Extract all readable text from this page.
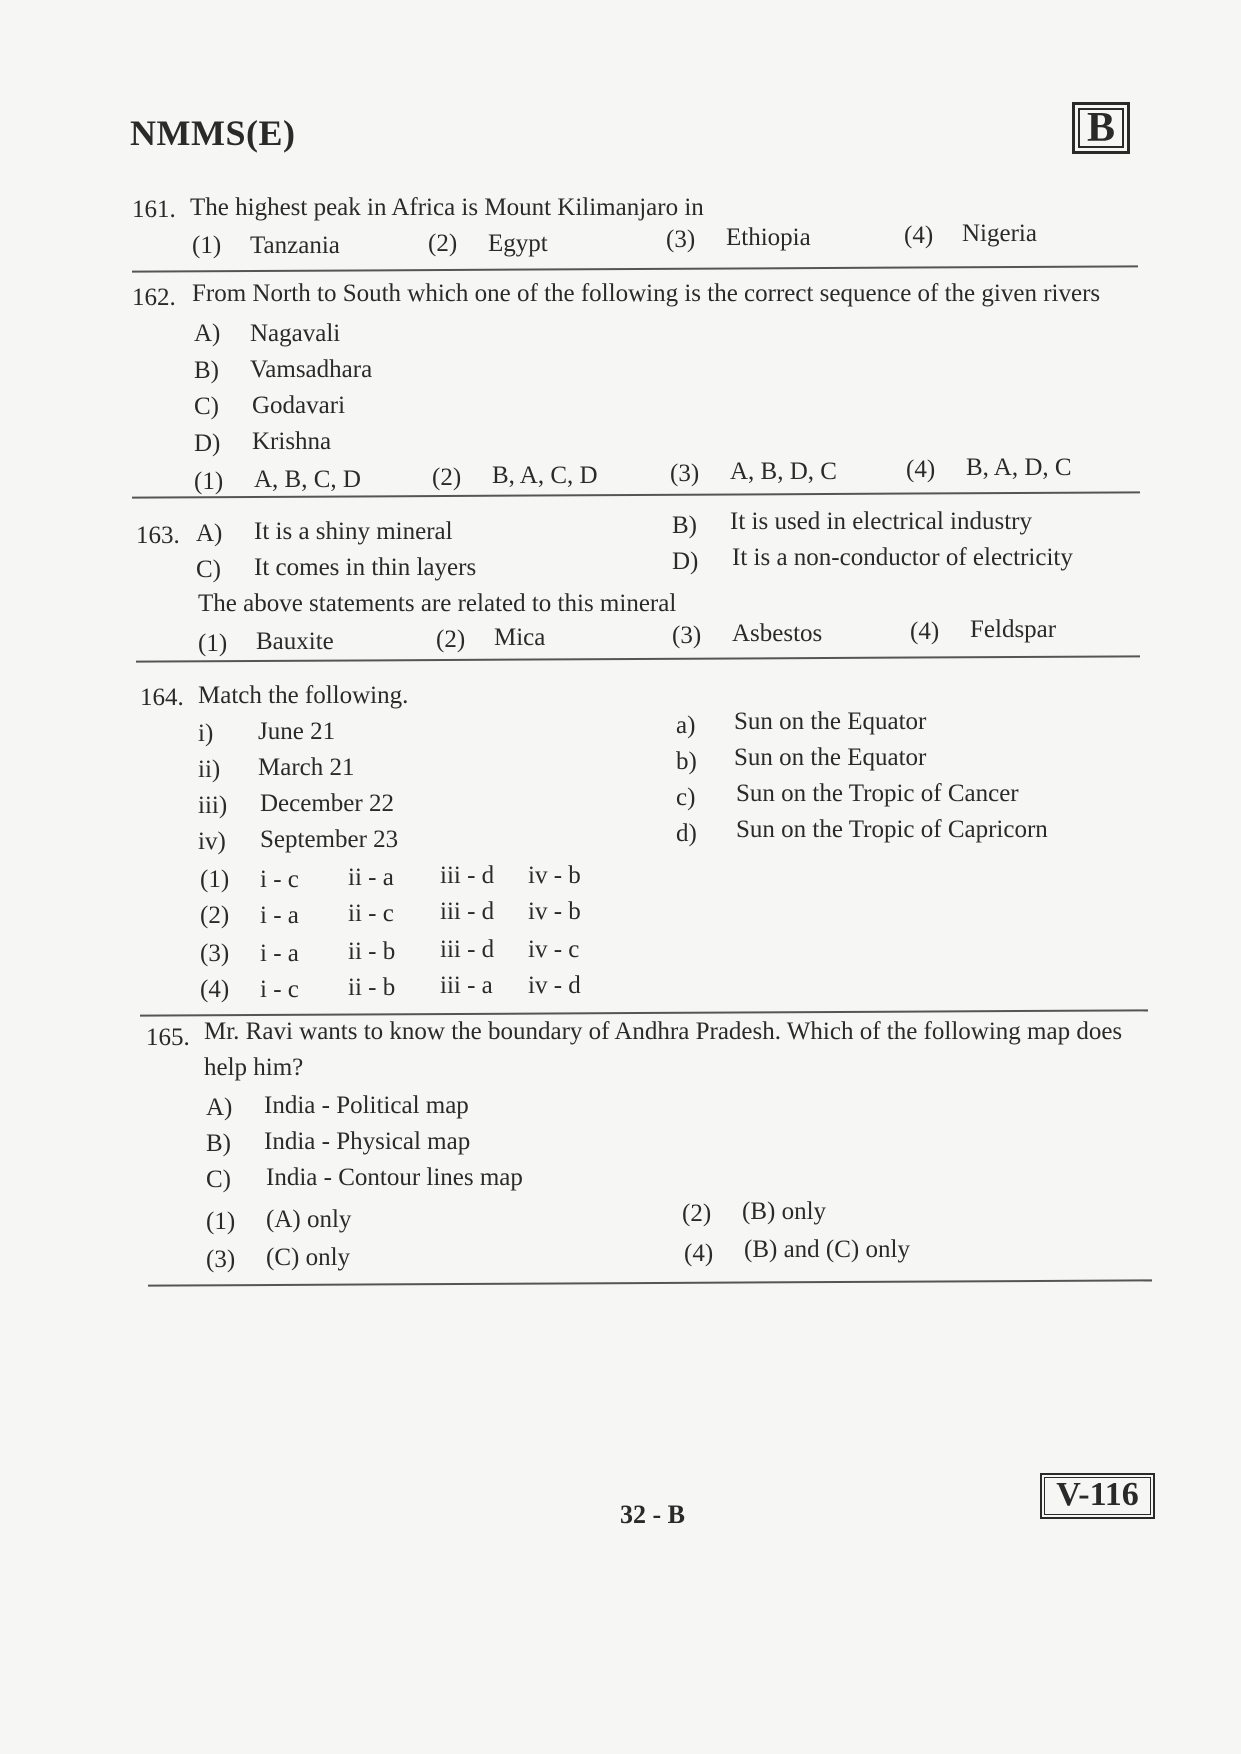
NMMS(E)	B
161. The highest peak in Africa is Mount Kilimanjaro in
(1) Tanzania	(2) Egypt	(3) Ethiopia	(4) Nigeria
162. From North to South which one of the following is the correct sequence of the given rivers
A) Nagavali
B) Vamsadhara
C) Godavari
D) Krishna
(1) A, B, C, D	(2) B, A, C, D	(3) A, B, D, C	(4) B, A, D, C
163. A) It is a shiny mineral	B) It is used in electrical industry
C) It comes in thin layers	D) It is a non-conductor of electricity
The above statements are related to this mineral
(1) Bauxite	(2) Mica	(3) Asbestos	(4) Feldspar
164. Match the following.
i) June 21
ii) March 21
iii) December 22
iv) September 23
a) Sun on the Equator
b) Sun on the Equator
c) Sun on the Tropic of Cancer
d) Sun on the Tropic of Capricorn
(1) i - c ii - a iii - d iv - b
(2) i - a ii - c iii - d iv - b
(3) i - a ii - b iii - d iv - c
(4) i - c ii - b iii - a iv - d
165. Mr. Ravi wants to know the boundary of Andhra Pradesh. Which of the following map does
help him?
A) India - Political map
B) India - Physical map
C) India - Contour lines map
(1) (A) only	(2) (B) only
(3) (C) only	(4) (B) and (C) only
32 - B
V-116
